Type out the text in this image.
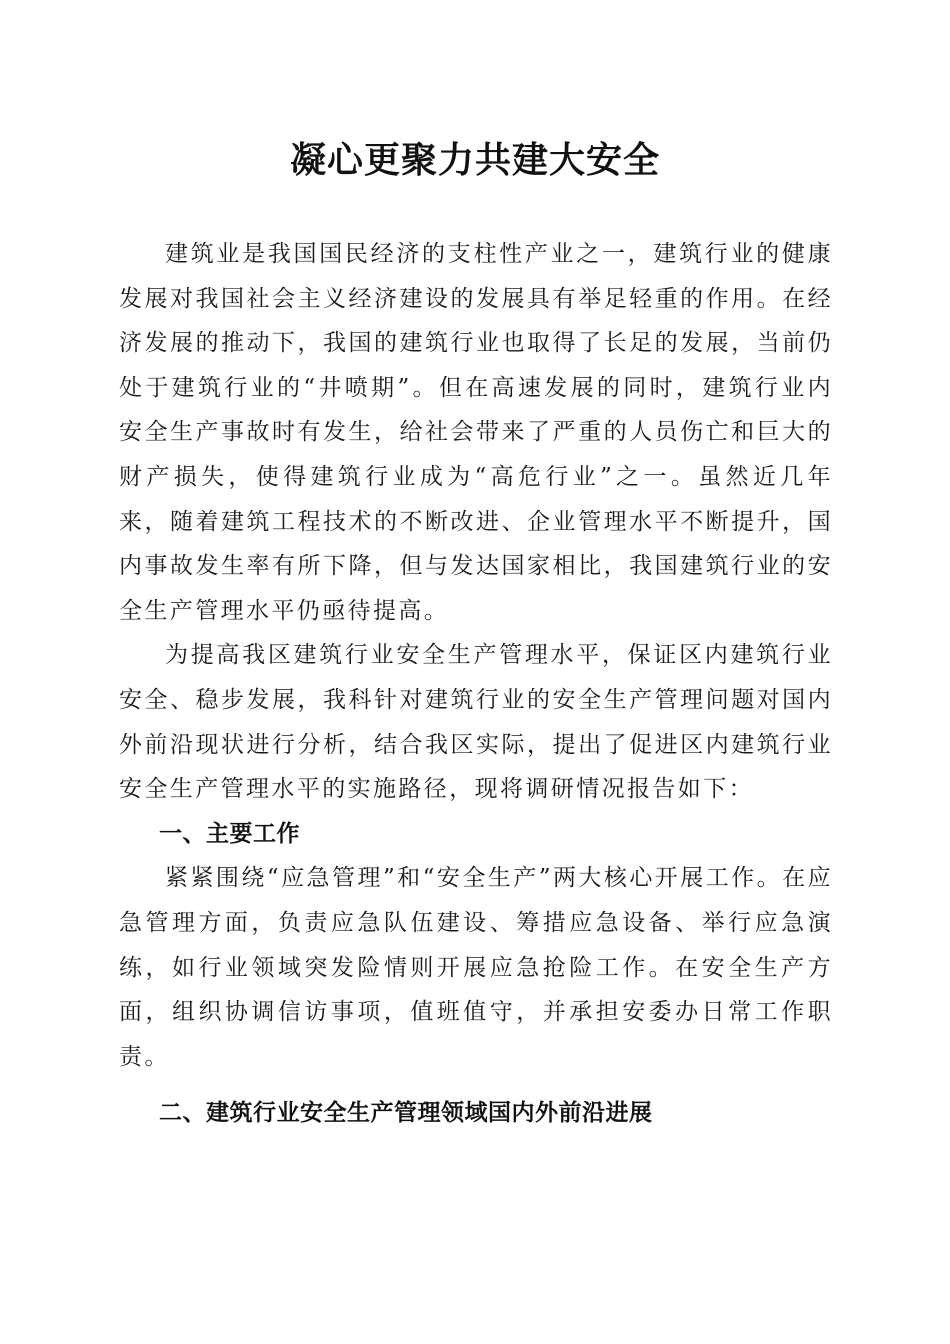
凝心更聚力共建大安全

建筑业是我国国民经济的支柱性产业之一，建筑行业的健康发展对我国社会主义经济建设的发展具有举足轻重的作用。在经济发展的推动下，我国的建筑行业也取得了长足的发展，当前仍处于建筑行业的“井喷期”。但在高速发展的同时，建筑行业内安全生产事故时有发生，给社会带来了严重的人员伤亡和巨大的财产损失，使得建筑行业成为“高危行业”之一。虽然近几年来，随着建筑工程技术的不断改进、企业管理水平不断提升，国内事故发生率有所下降，但与发达国家相比，我国建筑行业的安全生产管理水平仍亟待提高。

为提高我区建筑行业安全生产管理水平，保证区内建筑行业安全、稳步发展，我科针对建筑行业的安全生产管理问题对国内外前沿现状进行分析，结合我区实际，提出了促进区内建筑行业安全生产管理水平的实施路径，现将调研情况报告如下：

一、主要工作

紧紧围绕“应急管理”和“安全生产”两大核心开展工作。在应急管理方面，负责应急队伍建设、筹措应急设备、举行应急演练，如行业领域突发险情则开展应急抢险工作。在安全生产方面，组织协调信访事项，值班值守，并承担安委办日常工作职责。

二、建筑行业安全生产管理领域国内外前沿进展
